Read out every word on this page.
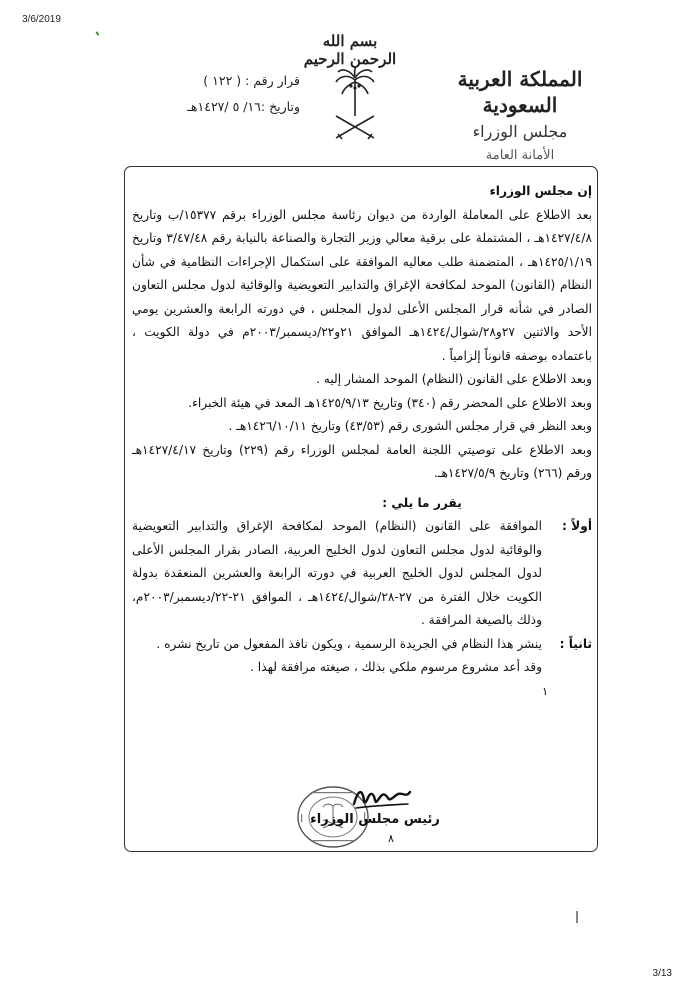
3/6/2019
بسم الله الرحمن الرحيم
المملكة العربية السعودية
مجلس الوزراء
الأمانة العامة
قرار رقم : ( ١٢٢ )
وتاريخ :١٦/ ٥ /١٤٢٧هـ

إن مجلس الوزراء

بعد الاطلاع على المعاملة الواردة من ديوان رئاسة مجلس الوزراء برقم ١٥٣٧٧/ب وتاريخ ١٤٢٧/٤/٨هـ ، المشتملة على برقية معالي وزير التجارة والصناعة بالنيابة رقم ٣/٤٧/٤٨ وتاريخ ١٤٢٥/١/١٩هـ ، المتضمنة طلب معاليه الموافقة على استكمال الإجراءات النظامية في شأن النظام (القانون) الموحد لمكافحة الإغراق والتدابير التعويضية والوقائية لدول مجلس التعاون الصادر في شأنه قرار المجلس الأعلى لدول المجلس ، في دورته الرابعة والعشرين يومي الأحد والاثنين ٢٧و٢٨/شوال/١٤٢٤هـ الموافق ٢١و٢٢/ديسمبر/٢٠٠٣م في دولة الكويت ، باعتماده بوصفه قانوناً إلزامياً .

وبعد الاطلاع على القانون (النظام) الموحد المشار إليه .

وبعد الاطلاع على المحضر رقم (٣٤٠) وتاريخ ١٤٢٥/٩/١٣هـ المعد في هيئة الخبراء.

وبعد النظر في قرار مجلس الشورى رقم (٤٣/٥٣) وتاريخ ١٤٢٦/١٠/١١هـ .

وبعد الاطلاع على توصيتي اللجنة العامة لمجلس الوزراء رقم (٢٢٩) وتاريخ ١٤٢٧/٤/١٧هـ ورقم (٢٦٦) وتاريخ ١٤٢٧/٥/٩هـ.

يقرر ما يلي :

أولاً :
الموافقة على القانون (النظام) الموحد لمكافحة الإغراق والتدابير التعويضية والوقائية لدول مجلس التعاون لدول الخليج العربية، الصادر بقرار المجلس الأعلى لدول المجلس لدول الخليج العربية في دورته الرابعة والعشرين المنعقدة بدولة الكويت خلال الفترة من ٢٧-٢٨/شوال/١٤٢٤هـ ، الموافق ٢١-٢٢/ديسمبر/٢٠٠٣م، وذلك بالصيغة المرافقة .
ثانياً :
ينشر هذا النظام في الجريدة الرسمية ، ويكون نافذ المفعول من تاريخ نشره .
وقد أعد مشروع مرسوم ملكي بذلك ، صيغته مرافقة لهذا .

١

رئيس مجلس الوزراء
٨
3/13
